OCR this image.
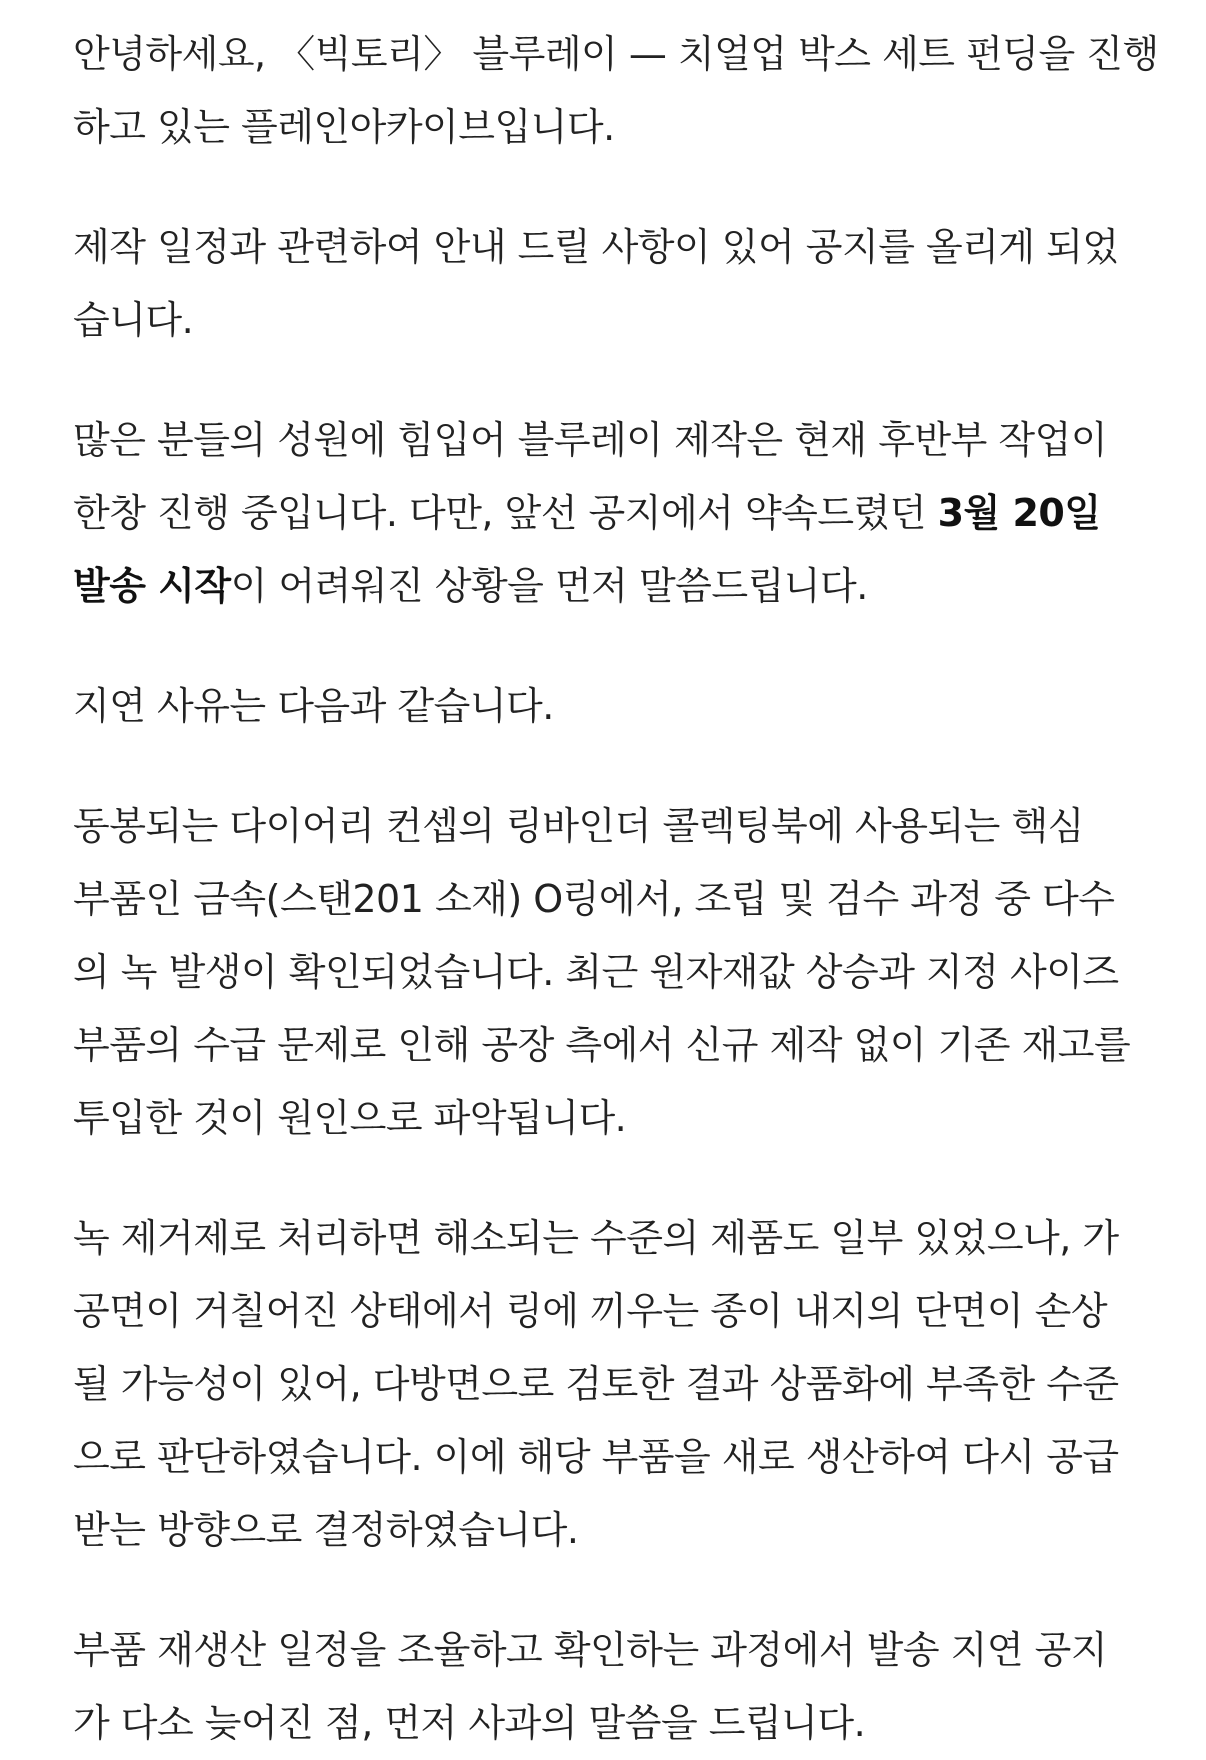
안녕하세요, 〈빅토리〉 블루레이 — 치얼업 박스 세트 펀딩을 진행
하고 있는 플레인아카이브입니다.

제작 일정과 관련하여 안내 드릴 사항이 있어 공지를 올리게 되었
습니다.

많은 분들의 성원에 힘입어 블루레이 제작은 현재 후반부 작업이
한창 진행 중입니다. 다만, 앞선 공지에서 약속드렸던 3월 20일
발송 시작이 어려워진 상황을 먼저 말씀드립니다.

지연 사유는 다음과 같습니다.

동봉되는 다이어리 컨셉의 링바인더 콜렉팅북에 사용되는 핵심
부품인 금속(스탠201 소재) O링에서, 조립 및 검수 과정 중 다수
의 녹 발생이 확인되었습니다. 최근 원자재값 상승과 지정 사이즈
부품의 수급 문제로 인해 공장 측에서 신규 제작 없이 기존 재고를
투입한 것이 원인으로 파악됩니다.

녹 제거제로 처리하면 해소되는 수준의 제품도 일부 있었으나, 가
공면이 거칠어진 상태에서 링에 끼우는 종이 내지의 단면이 손상
될 가능성이 있어, 다방면으로 검토한 결과 상품화에 부족한 수준
으로 판단하였습니다. 이에 해당 부품을 새로 생산하여 다시 공급
받는 방향으로 결정하였습니다.

부품 재생산 일정을 조율하고 확인하는 과정에서 발송 지연 공지
가 다소 늦어진 점, 먼저 사과의 말씀을 드립니다.
